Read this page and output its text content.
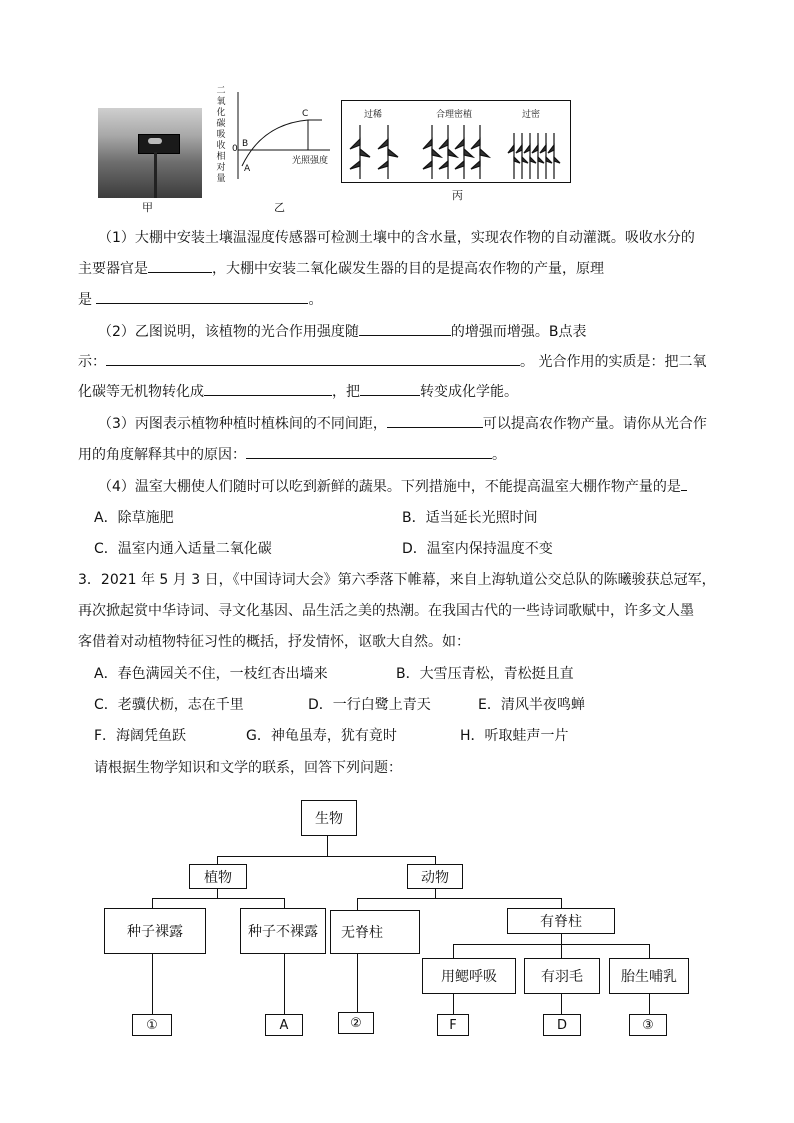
甲
二
氧
化
碳
吸
收
相
对
量
0 B
A
C
光照强度
乙
过稀	合理密植	过密
丙
（1）大棚中安装土壤温湿度传感器可检测土壤中的含水量，实现农作物的自动灌溉。吸收水分的
主要器官是	，大棚中安装二氧化碳发生器的目的是提高农作物的产量，原理
是	。
（2）乙图说明，该植物的光合作用强度随	的增强而增强。B点表
示：	。 光合作用的实质是：把二氧
化碳等无机物转化成	，把	转变成化学能。
（3）丙图表示植物种植时植株间的不同间距，	可以提高农作物产量。请你从光合作
用的角度解释其中的原因：	。
（4）温室大棚使人们随时可以吃到新鲜的蔬果。下列措施中，不能提高温室大棚作物产量的是
A．除草施肥	B．适当延长光照时间
C．温室内通入适量二氧化碳	D．温室内保持温度不变
3．2021 年 5 月 3 日，《中国诗词大会》第六季落下帷幕，来自上海轨道公交总队的陈曦骏获总冠军，
再次掀起赏中华诗词、寻文化基因、品生活之美的热潮。在我国古代的一些诗词歌赋中，许多文人墨
客借着对动植物特征习性的概括，抒发情怀，讴歌大自然。如：
A．春色满园关不住，一枝红杏出墙来	B．大雪压青松，青松挺且直
C．老骥伏枥，志在千里	D．一行白鹭上青天	E．清风半夜鸣蝉
F．海阔凭鱼跃	G．神龟虽寿，犹有竟时	H．听取蛙声一片
请根据生物学知识和文学的联系，回答下列问题：
生物
植物	动物
种子裸露	种子不裸露	无脊柱
有脊柱
用鳃呼吸	有羽毛	胎生哺乳
①	A	②	F	D	③
